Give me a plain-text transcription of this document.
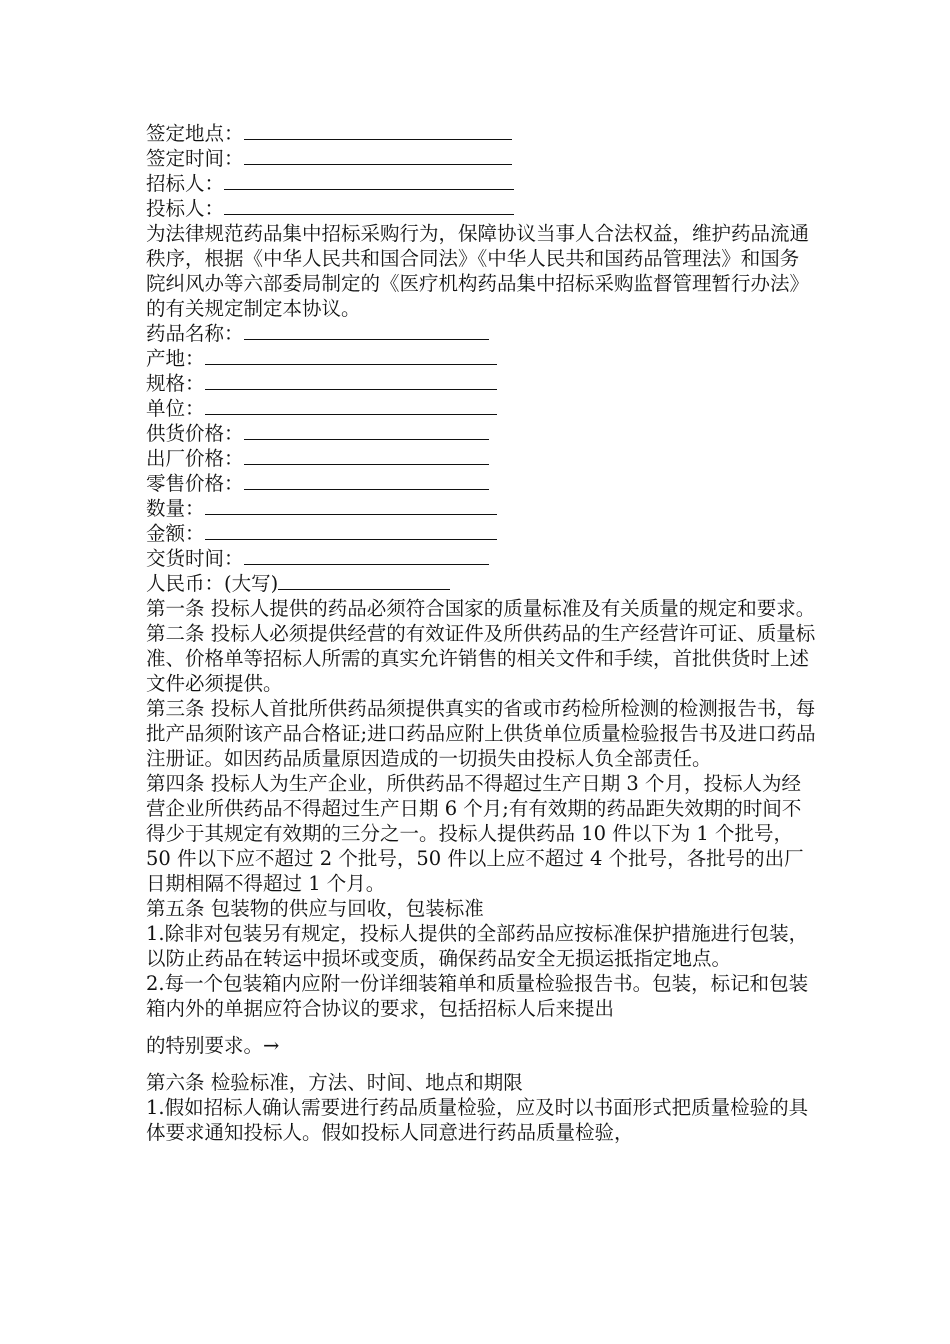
签定地点：
签定时间：
招标人：
投标人：

为法律规范药品集中招标采购行为，保障协议当事人合法权益，维护药品流通秩序，根据《中华人民共和国合同法》《中华人民共和国药品管理法》和国务院纠风办等六部委局制定的《医疗机构药品集中招标采购监督管理暂行办法》的有关规定制定本协议。

药品名称：
产地：
规格：
单位：
供货价格：
出厂价格：
零售价格：
数量：
金额：
交货时间：
人民币：(大写)

第一条 投标人提供的药品必须符合国家的质量标准及有关质量的规定和要求。

第二条 投标人必须提供经营的有效证件及所供药品的生产经营许可证、质量标准、价格单等招标人所需的真实允许销售的相关文件和手续，首批供货时上述文件必须提供。

第三条 投标人首批所供药品须提供真实的省或市药检所检测的检测报告书，每批产品须附该产品合格证;进口药品应附上供货单位质量检验报告书及进口药品注册证。如因药品质量原因造成的一切损失由投标人负全部责任。

第四条 投标人为生产企业，所供药品不得超过生产日期 3 个月，投标人为经营企业所供药品不得超过生产日期 6 个月;有有效期的药品距失效期的时间不得少于其规定有效期的三分之一。投标人提供药品 10 件以下为 1 个批号，50 件以下应不超过 2 个批号，50 件以上应不超过 4 个批号，各批号的出厂日期相隔不得超过 1 个月。

第五条 包装物的供应与回收，包装标准

1.除非对包装另有规定，投标人提供的全部药品应按标准保护措施进行包装，以防止药品在转运中损坏或变质，确保药品安全无损运抵指定地点。

2.每一个包装箱内应附一份详细装箱单和质量检验报告书。包装，标记和包装箱内外的单据应符合协议的要求，包括招标人后来提出

的特别要求。→

第六条 检验标准，方法、时间、地点和期限

1.假如招标人确认需要进行药品质量检验，应及时以书面形式把质量检验的具体要求通知投标人。假如投标人同意进行药品质量检验，
